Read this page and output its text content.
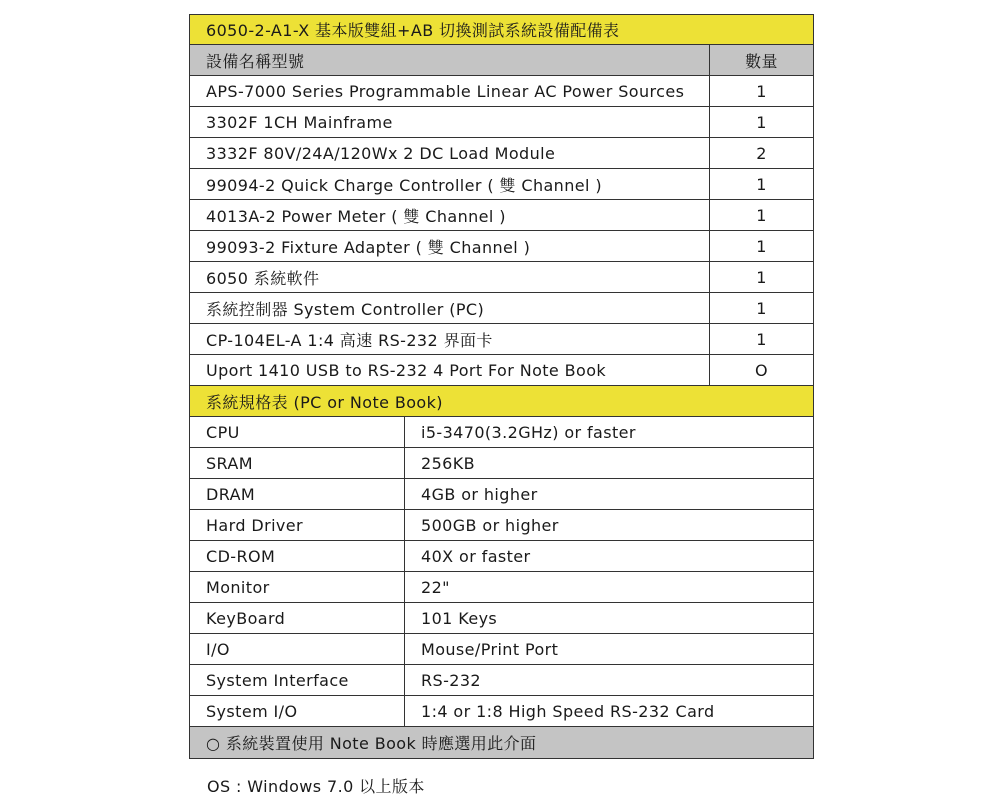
6050-2-A1-X 基本版雙組+AB 切換測試系統設備配備表
設備名稱型號	數量
APS-7000 Series Programmable Linear AC Power Sources	1
3302F 1CH Mainframe	1
3332F 80V/24A/120Wx 2 DC Load Module	2
99094-2 Quick Charge Controller ( 雙 Channel )	1
4013A-2 Power Meter ( 雙 Channel )	1
99093-2 Fixture Adapter ( 雙 Channel )	1
6050 系統軟件	1
系統控制器 System Controller (PC)	1
CP-104EL-A 1:4 高速 RS-232 界面卡	1
Uport 1410 USB to RS-232 4 Port For Note Book	O
系統規格表 (PC or Note Book)
CPU	i5-3470(3.2GHz) or faster
SRAM	256KB
DRAM	4GB or higher
Hard Driver	500GB or higher
CD-ROM	40X or faster
Monitor	22"
KeyBoard	101 Keys
I/O	Mouse/Print Port
System Interface	RS-232
System I/O	1:4 or 1:8 High Speed RS-232 Card
○ 系統裝置使用 Note Book 時應選用此介面
OS : Windows 7.0 以上版本
